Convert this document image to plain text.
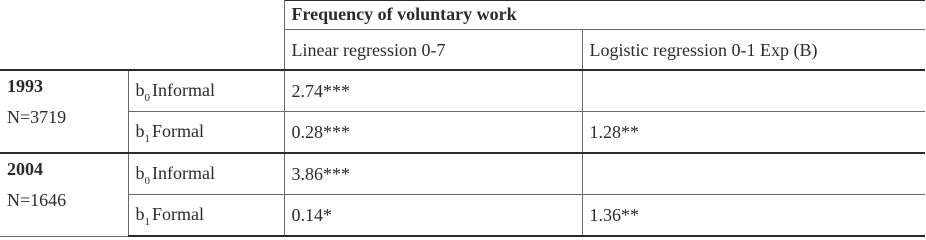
		Frequency of voluntary work	
		Linear regression 0-7	Logistic regression 0-1 Exp (B)

1993
N=3719	$b_0$ Informal	2.74***	
	$b_1$ Formal	0.28***	1.28**

2004
N=1646	$b_0$ Informal	3.86***	
	$b_1$ Formal	0.14*	1.36**
